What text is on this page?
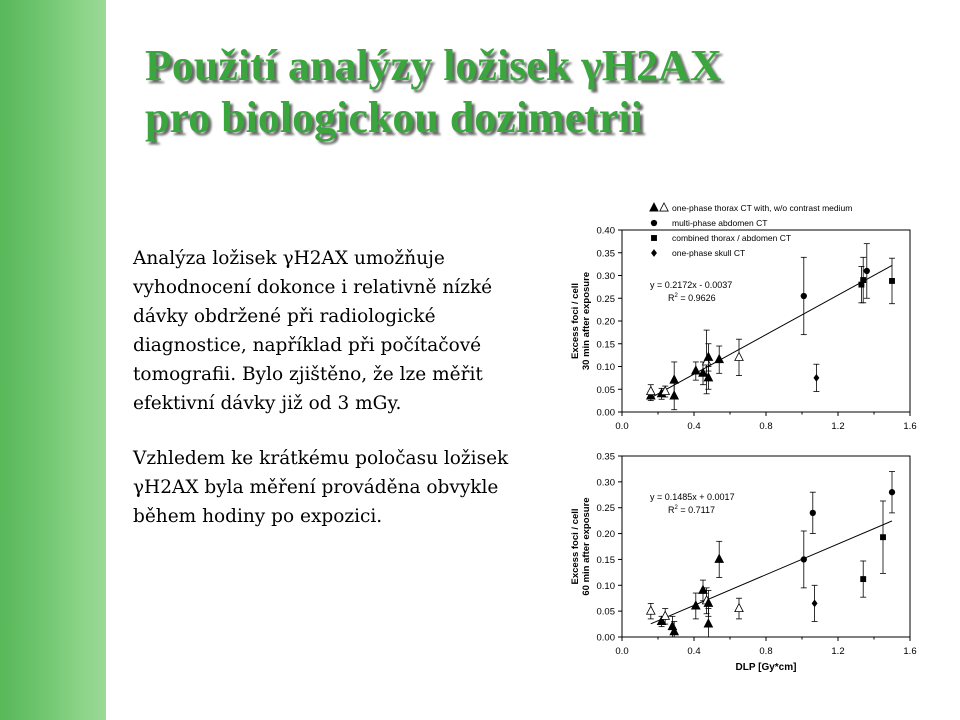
Použití analýzy ložisek γH2AX
pro biologickou dozimetrii

Analýza ložisek γH2AX umožňuje vyhodnocení dokonce i relativně nízké dávky obdržené při radiologické diagnostice, například při počítačové tomografii. Bylo zjištěno, že lze měřit efektivní dávky již od 3 mGy.

Vzhledem ke krátkému poločasu ložisek γH2AX byla měření prováděna obvykle během hodiny po expozici.

one-phase thorax CT with, w/o contrast medium
multi-phase abdomen CT
combined thorax / abdomen CT
one-phase skull CT
0.00
0.05
0.10
0.15
0.20
0.25
0.30
0.35
0.40
0.0	0.4	0.8	1.2	1.6
Excess foci / cell 30 min after exposure	y = 0.2172x - 0.0037
$R^2 = 0.9626$
0.00
0.05
0.10
0.15
0.20
0.25
0.30
0.35
0.0	0.4	0.8	1.2	1.6
Excess foci / cell 60 min after exposure
DLP [Gy*cm]
y = 0.1485x + 0.0017
$R^2 = 0.7117$
